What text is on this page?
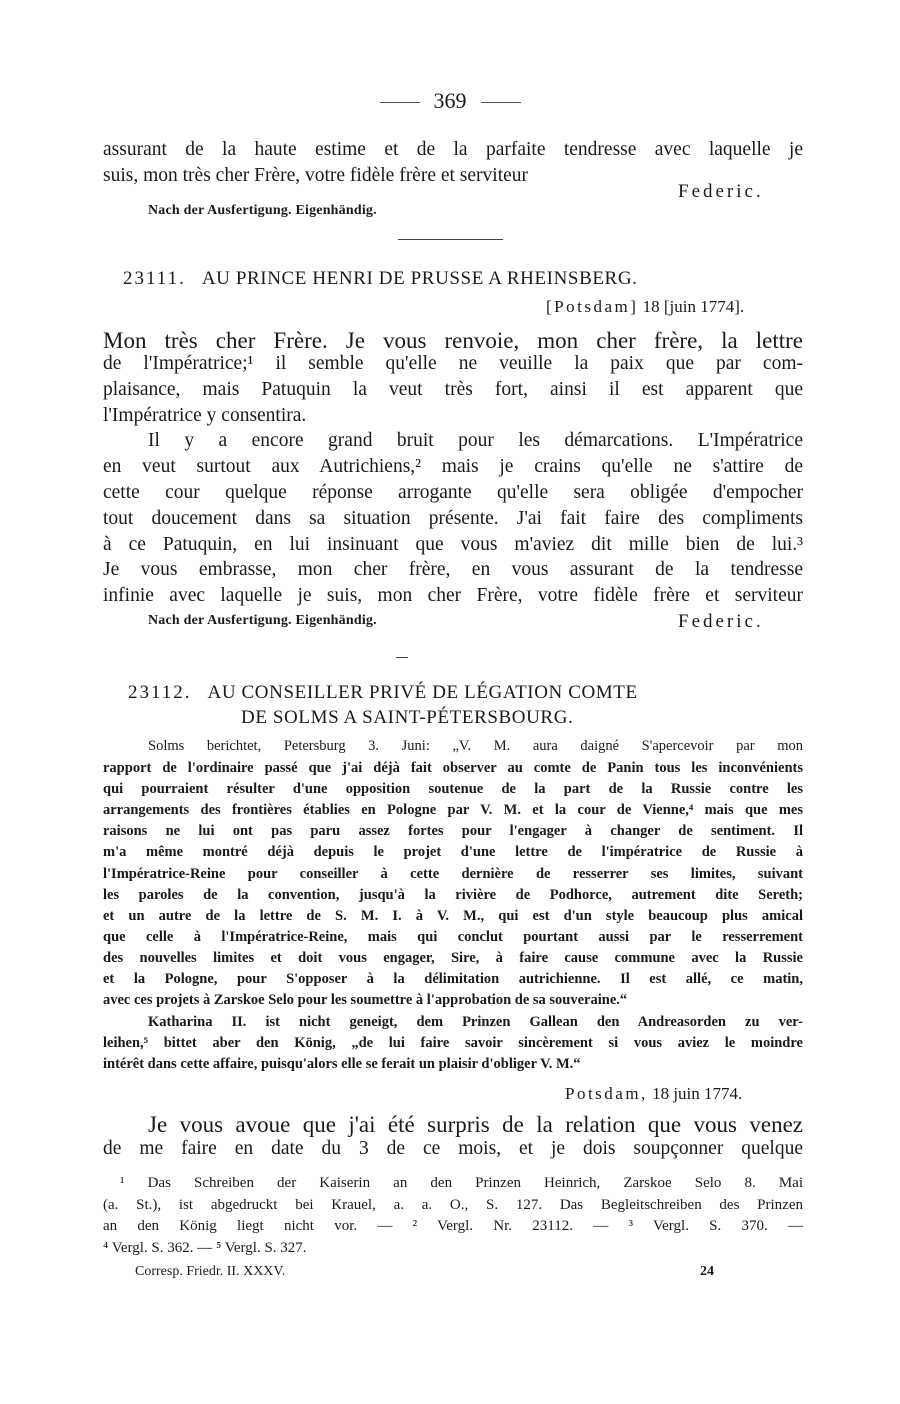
369
assurant de la haute estime et de la parfaite tendresse avec laquelle je
suis, mon très cher Frère, votre fidèle frère et serviteur
Federic.
Nach der Ausfertigung. Eigenhändig.
23111. AU PRINCE HENRI DE PRUSSE A RHEINSBERG.
[Potsdam] 18 [juin 1774].
Mon très cher Frère. Je vous renvoie, mon cher frère, la lettre
de l'Impératrice;¹ il semble qu'elle ne veuille la paix que par com-
plaisance, mais Patuquin la veut très fort, ainsi il est apparent que
l'Impératrice y consentira.
Il y a encore grand bruit pour les démarcations. L'Impératrice
en veut surtout aux Autrichiens,² mais je crains qu'elle ne s'attire de
cette cour quelque réponse arrogante qu'elle sera obligée d'empocher
tout doucement dans sa situation présente. J'ai fait faire des compliments
à ce Patuquin, en lui insinuant que vous m'aviez dit mille bien de lui.³
Je vous embrasse, mon cher frère, en vous assurant de la tendresse
infinie avec laquelle je suis, mon cher Frère, votre fidèle frère et serviteur
Nach der Ausfertigung. Eigenhändig.	Federic.
23112. AU CONSEILLER PRIVÉ DE LÉGATION COMTE
DE SOLMS A SAINT-PÉTERSBOURG.
Solms berichtet, Petersburg 3. Juni: „V. M. aura daigné S'apercevoir par mon
rapport de l'ordinaire passé que j'ai déjà fait observer au comte de Panin tous les inconvénients
qui pourraient résulter d'une opposition soutenue de la part de la Russie contre les
arrangements des frontières établies en Pologne par V. M. et la cour de Vienne,⁴ mais que mes
raisons ne lui ont pas paru assez fortes pour l'engager à changer de sentiment. Il
m'a même montré déjà depuis le projet d'une lettre de l'impératrice de Russie à
l'Impératrice-Reine pour conseiller à cette dernière de resserrer ses limites, suivant
les paroles de la convention, jusqu'à la rivière de Podhorce, autrement dite Sereth;
et un autre de la lettre de S. M. I. à V. M., qui est d'un style beaucoup plus amical
que celle à l'Impératrice-Reine, mais qui conclut pourtant aussi par le resserrement
des nouvelles limites et doit vous engager, Sire, à faire cause commune avec la Russie
et la Pologne, pour S'opposer à la délimitation autrichienne. Il est allé, ce matin,
avec ces projets à Zarskoe Selo pour les soumettre à l'approbation de sa souveraine.“
Katharina II. ist nicht geneigt, dem Prinzen Gallean den Andreasorden zu ver-
leihen,⁵ bittet aber den König, „de lui faire savoir sincèrement si vous aviez le moindre
intérêt dans cette affaire, puisqu'alors elle se ferait un plaisir d'obliger V. M.“
Potsdam, 18 juin 1774.
Je vous avoue que j'ai été surpris de la relation que vous venez
de me faire en date du 3 de ce mois, et je dois soupçonner quelque
¹ Das Schreiben der Kaiserin an den Prinzen Heinrich, Zarskoe Selo 8. Mai
(a. St.), ist abgedruckt bei Krauel, a. a. O., S. 127. Das Begleitschreiben des Prinzen
an den König liegt nicht vor. — ² Vergl. Nr. 23112. — ³ Vergl. S. 370. —
⁴ Vergl. S. 362. — ⁵ Vergl. S. 327.
Corresp. Friedr. II. XXXV.	24
